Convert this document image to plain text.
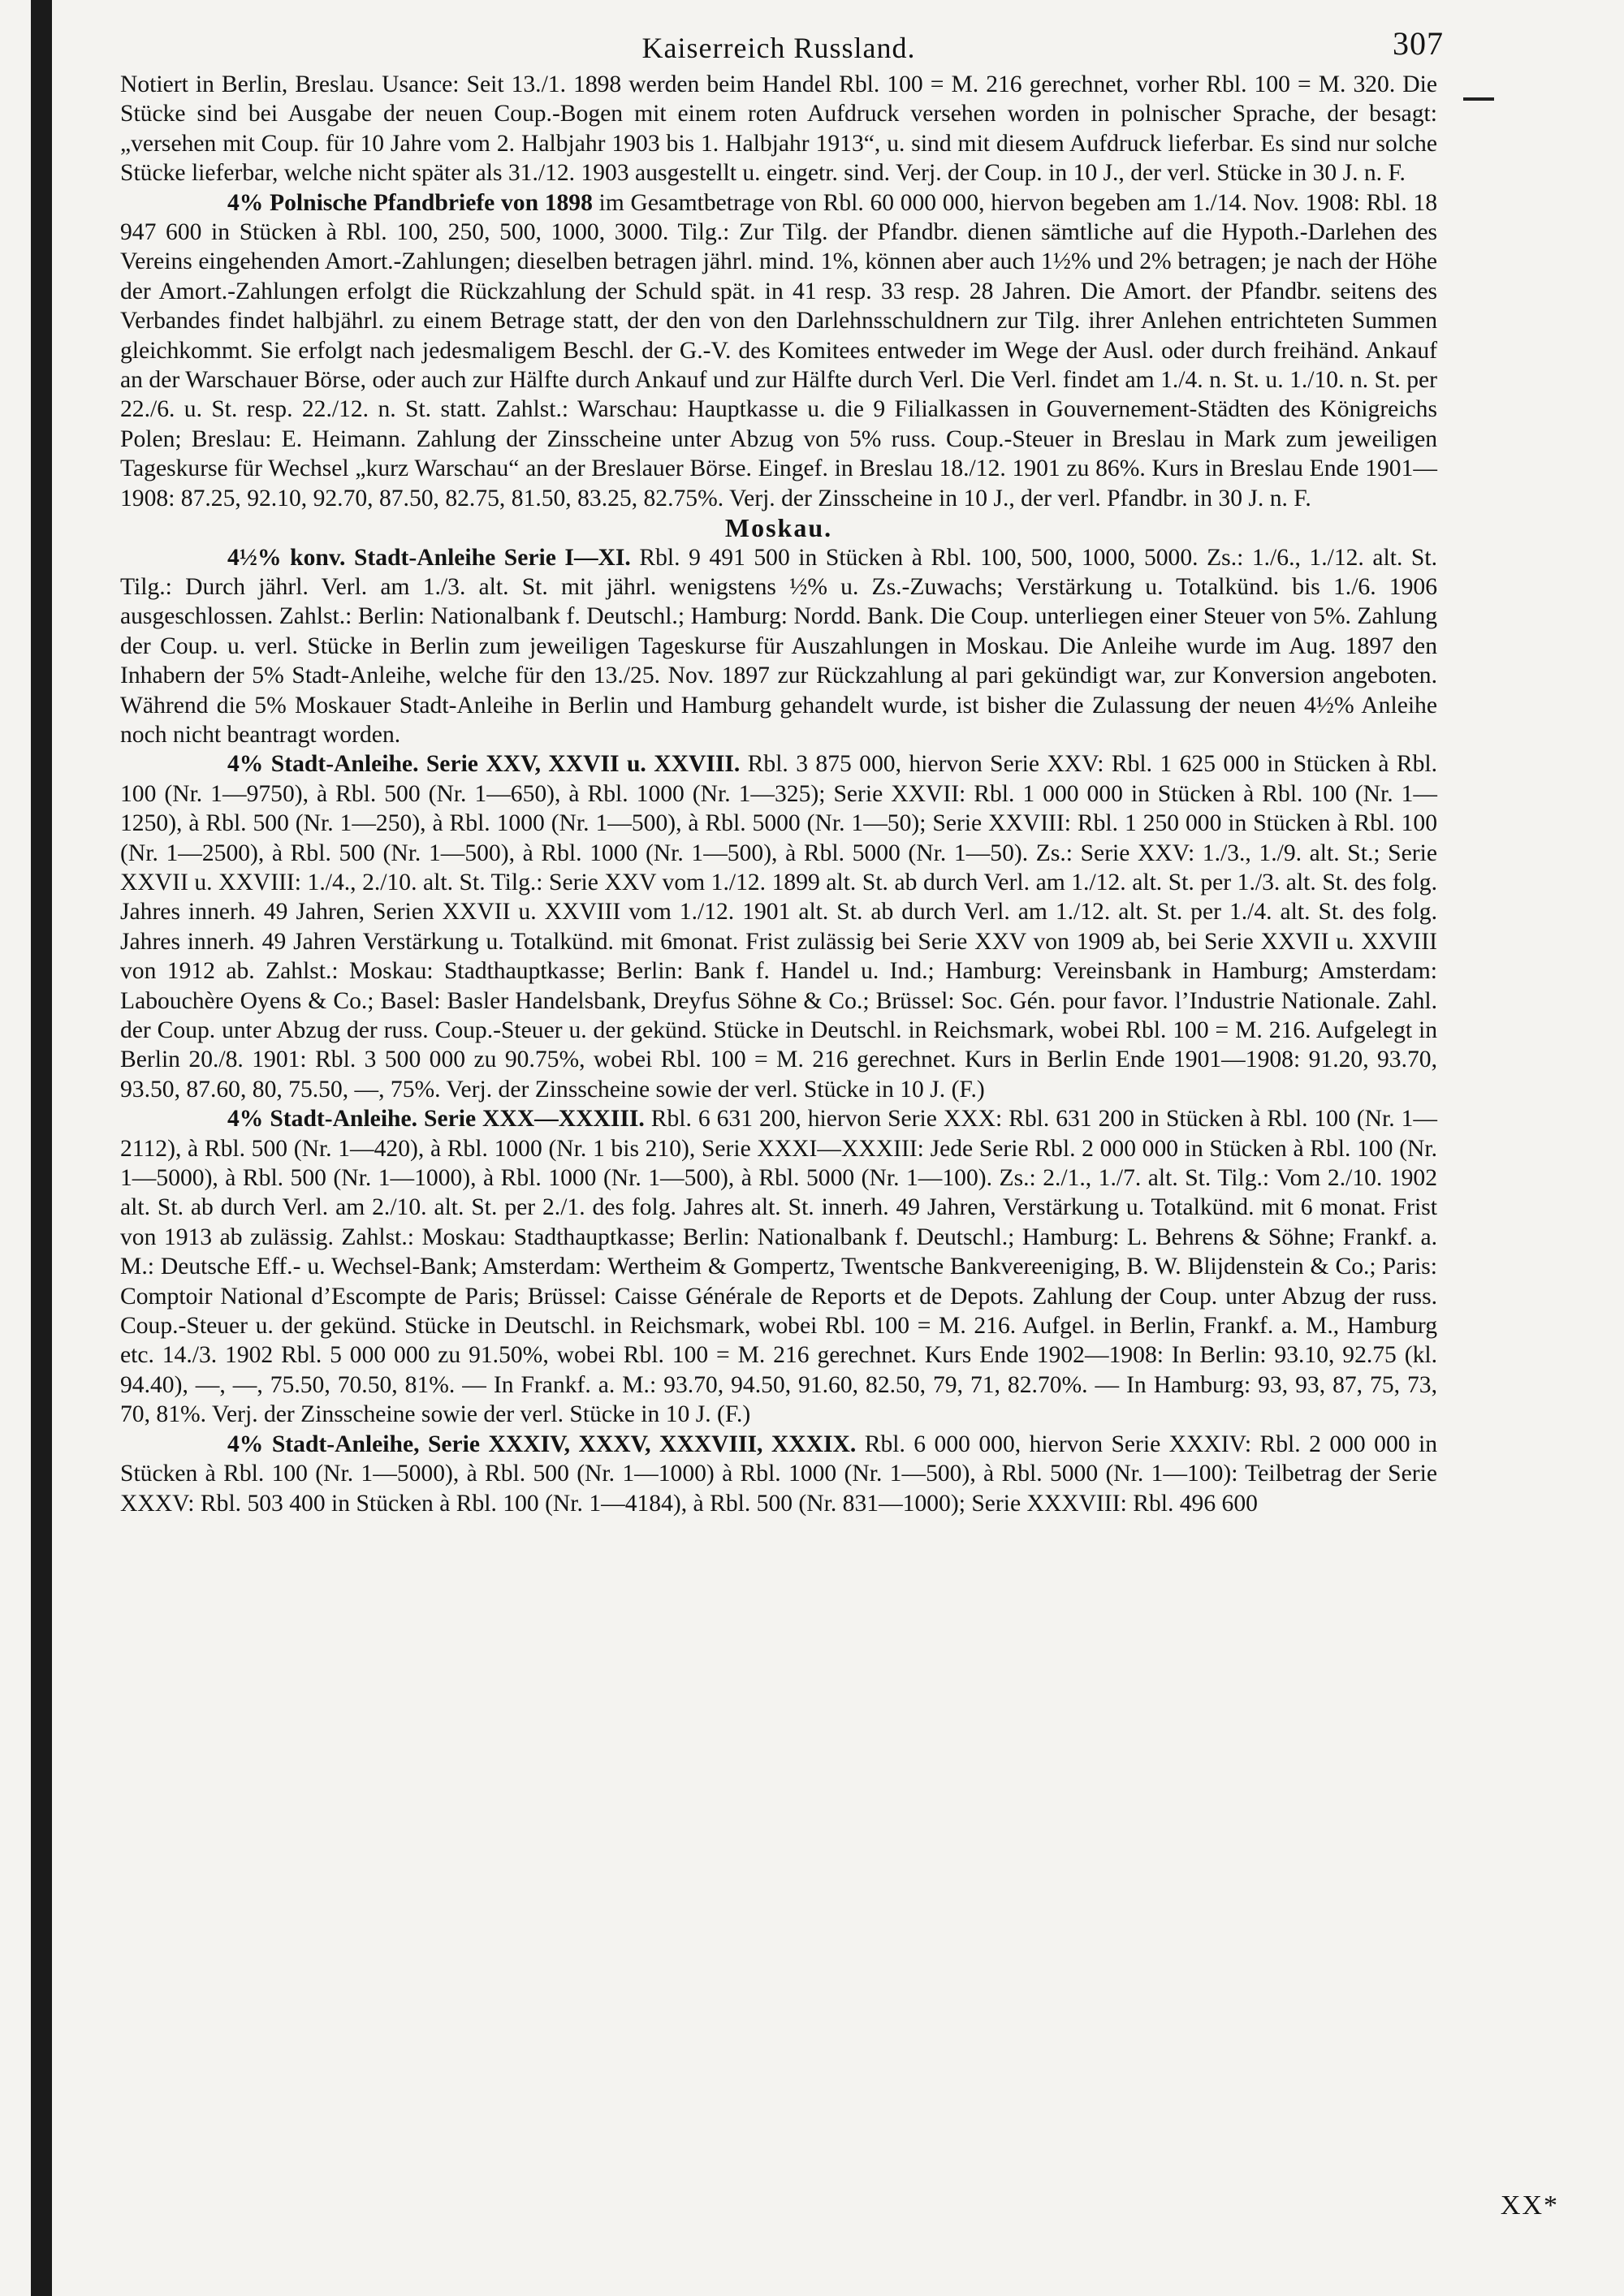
Kaiserreich Russland.	307

Notiert in Berlin, Breslau. Usance: Seit 13./1. 1898 werden beim Handel Rbl. 100 = M. 216 gerechnet, vorher Rbl. 100 = M. 320. Die Stücke sind bei Ausgabe der neuen Coup.-Bogen mit einem roten Aufdruck versehen worden in polnischer Sprache, der besagt: „versehen mit Coup. für 10 Jahre vom 2. Halbjahr 1903 bis 1. Halbjahr 1913“, u. sind mit diesem Aufdruck lieferbar. Es sind nur solche Stücke lieferbar, welche nicht später als 31./12. 1903 ausgestellt u. eingetr. sind. Verj. der Coup. in 10 J., der verl. Stücke in 30 J. n. F.

4% Polnische Pfandbriefe von 1898 im Gesamtbetrage von Rbl. 60 000 000, hiervon begeben am 1./14. Nov. 1908: Rbl. 18 947 600 in Stücken à Rbl. 100, 250, 500, 1000, 3000. Tilg.: Zur Tilg. der Pfandbr. dienen sämtliche auf die Hypoth.-Darlehen des Vereins eingehenden Amort.-Zahlungen; dieselben betragen jährl. mind. 1%, können aber auch 1½% und 2% betragen; je nach der Höhe der Amort.-Zahlungen erfolgt die Rückzahlung der Schuld spät. in 41 resp. 33 resp. 28 Jahren. Die Amort. der Pfandbr. seitens des Verbandes findet halbjährl. zu einem Betrage statt, der den von den Darlehnsschuldnern zur Tilg. ihrer Anlehen entrichteten Summen gleichkommt. Sie erfolgt nach jedesmaligem Beschl. der G.-V. des Komitees entweder im Wege der Ausl. oder durch freihänd. Ankauf an der Warschauer Börse, oder auch zur Hälfte durch Ankauf und zur Hälfte durch Verl. Die Verl. findet am 1./4. n. St. u. 1./10. n. St. per 22./6. u. St. resp. 22./12. n. St. statt. Zahlst.: Warschau: Hauptkasse u. die 9 Filialkassen in Gouvernement-Städten des Königreichs Polen; Breslau: E. Heimann. Zahlung der Zinsscheine unter Abzug von 5% russ. Coup.-Steuer in Breslau in Mark zum jeweiligen Tageskurse für Wechsel „kurz Warschau“ an der Breslauer Börse. Eingef. in Breslau 18./12. 1901 zu 86%. Kurs in Breslau Ende 1901—1908: 87.25, 92.10, 92.70, 87.50, 82.75, 81.50, 83.25, 82.75%. Verj. der Zinsscheine in 10 J., der verl. Pfandbr. in 30 J. n. F.

Moskau.

4½% konv. Stadt-Anleihe Serie I—XI. Rbl. 9 491 500 in Stücken à Rbl. 100, 500, 1000, 5000. Zs.: 1./6., 1./12. alt. St. Tilg.: Durch jährl. Verl. am 1./3. alt. St. mit jährl. wenigstens ½% u. Zs.-Zuwachs; Verstärkung u. Totalkünd. bis 1./6. 1906 ausgeschlossen. Zahlst.: Berlin: Nationalbank f. Deutschl.; Hamburg: Nordd. Bank. Die Coup. unterliegen einer Steuer von 5%. Zahlung der Coup. u. verl. Stücke in Berlin zum jeweiligen Tageskurse für Auszahlungen in Moskau. Die Anleihe wurde im Aug. 1897 den Inhabern der 5% Stadt-Anleihe, welche für den 13./25. Nov. 1897 zur Rückzahlung al pari gekündigt war, zur Konversion angeboten. Während die 5% Moskauer Stadt-Anleihe in Berlin und Hamburg gehandelt wurde, ist bisher die Zulassung der neuen 4½% Anleihe noch nicht beantragt worden.

4% Stadt-Anleihe. Serie XXV, XXVII u. XXVIII. Rbl. 3 875 000, hiervon Serie XXV: Rbl. 1 625 000 in Stücken à Rbl. 100 (Nr. 1—9750), à Rbl. 500 (Nr. 1—650), à Rbl. 1000 (Nr. 1—325); Serie XXVII: Rbl. 1 000 000 in Stücken à Rbl. 100 (Nr. 1—1250), à Rbl. 500 (Nr. 1—250), à Rbl. 1000 (Nr. 1—500), à Rbl. 5000 (Nr. 1—50); Serie XXVIII: Rbl. 1 250 000 in Stücken à Rbl. 100 (Nr. 1—2500), à Rbl. 500 (Nr. 1—500), à Rbl. 1000 (Nr. 1—500), à Rbl. 5000 (Nr. 1—50). Zs.: Serie XXV: 1./3., 1./9. alt. St.; Serie XXVII u. XXVIII: 1./4., 2./10. alt. St. Tilg.: Serie XXV vom 1./12. 1899 alt. St. ab durch Verl. am 1./12. alt. St. per 1./3. alt. St. des folg. Jahres innerh. 49 Jahren, Serien XXVII u. XXVIII vom 1./12. 1901 alt. St. ab durch Verl. am 1./12. alt. St. per 1./4. alt. St. des folg. Jahres innerh. 49 Jahren Verstärkung u. Totalkünd. mit 6monat. Frist zulässig bei Serie XXV von 1909 ab, bei Serie XXVII u. XXVIII von 1912 ab. Zahlst.: Moskau: Stadthauptkasse; Berlin: Bank f. Handel u. Ind.; Hamburg: Vereinsbank in Hamburg; Amsterdam: Labouchère Oyens & Co.; Basel: Basler Handelsbank, Dreyfus Söhne & Co.; Brüssel: Soc. Gén. pour favor. l’Industrie Nationale. Zahl. der Coup. unter Abzug der russ. Coup.-Steuer u. der gekünd. Stücke in Deutschl. in Reichsmark, wobei Rbl. 100 = M. 216. Aufgelegt in Berlin 20./8. 1901: Rbl. 3 500 000 zu 90.75%, wobei Rbl. 100 = M. 216 gerechnet. Kurs in Berlin Ende 1901—1908: 91.20, 93.70, 93.50, 87.60, 80, 75.50, —, 75%. Verj. der Zinsscheine sowie der verl. Stücke in 10 J. (F.)

4% Stadt-Anleihe. Serie XXX—XXXIII. Rbl. 6 631 200, hiervon Serie XXX: Rbl. 631 200 in Stücken à Rbl. 100 (Nr. 1—2112), à Rbl. 500 (Nr. 1—420), à Rbl. 1000 (Nr. 1 bis 210), Serie XXXI—XXXIII: Jede Serie Rbl. 2 000 000 in Stücken à Rbl. 100 (Nr. 1—5000), à Rbl. 500 (Nr. 1—1000), à Rbl. 1000 (Nr. 1—500), à Rbl. 5000 (Nr. 1—100). Zs.: 2./1., 1./7. alt. St. Tilg.: Vom 2./10. 1902 alt. St. ab durch Verl. am 2./10. alt. St. per 2./1. des folg. Jahres alt. St. innerh. 49 Jahren, Verstärkung u. Totalkünd. mit 6 monat. Frist von 1913 ab zulässig. Zahlst.: Moskau: Stadthauptkasse; Berlin: Nationalbank f. Deutschl.; Hamburg: L. Behrens & Söhne; Frankf. a. M.: Deutsche Eff.- u. Wechsel-Bank; Amsterdam: Wertheim & Gompertz, Twentsche Bankvereeniging, B. W. Blijdenstein & Co.; Paris: Comptoir National d’Escompte de Paris; Brüssel: Caisse Générale de Reports et de Depots. Zahlung der Coup. unter Abzug der russ. Coup.-Steuer u. der gekünd. Stücke in Deutschl. in Reichsmark, wobei Rbl. 100 = M. 216. Aufgel. in Berlin, Frankf. a. M., Hamburg etc. 14./3. 1902 Rbl. 5 000 000 zu 91.50%, wobei Rbl. 100 = M. 216 gerechnet. Kurs Ende 1902—1908: In Berlin: 93.10, 92.75 (kl. 94.40), —, —, 75.50, 70.50, 81%. — In Frankf. a. M.: 93.70, 94.50, 91.60, 82.50, 79, 71, 82.70%. — In Hamburg: 93, 93, 87, 75, 73, 70, 81%. Verj. der Zinsscheine sowie der verl. Stücke in 10 J. (F.)

4% Stadt-Anleihe, Serie XXXIV, XXXV, XXXVIII, XXXIX. Rbl. 6 000 000, hiervon Serie XXXIV: Rbl. 2 000 000 in Stücken à Rbl. 100 (Nr. 1—5000), à Rbl. 500 (Nr. 1—1000) à Rbl. 1000 (Nr. 1—500), à Rbl. 5000 (Nr. 1—100): Teilbetrag der Serie XXXV: Rbl. 503 400 in Stücken à Rbl. 100 (Nr. 1—4184), à Rbl. 500 (Nr. 831—1000); Serie XXXVIII: Rbl. 496 600

XX*
